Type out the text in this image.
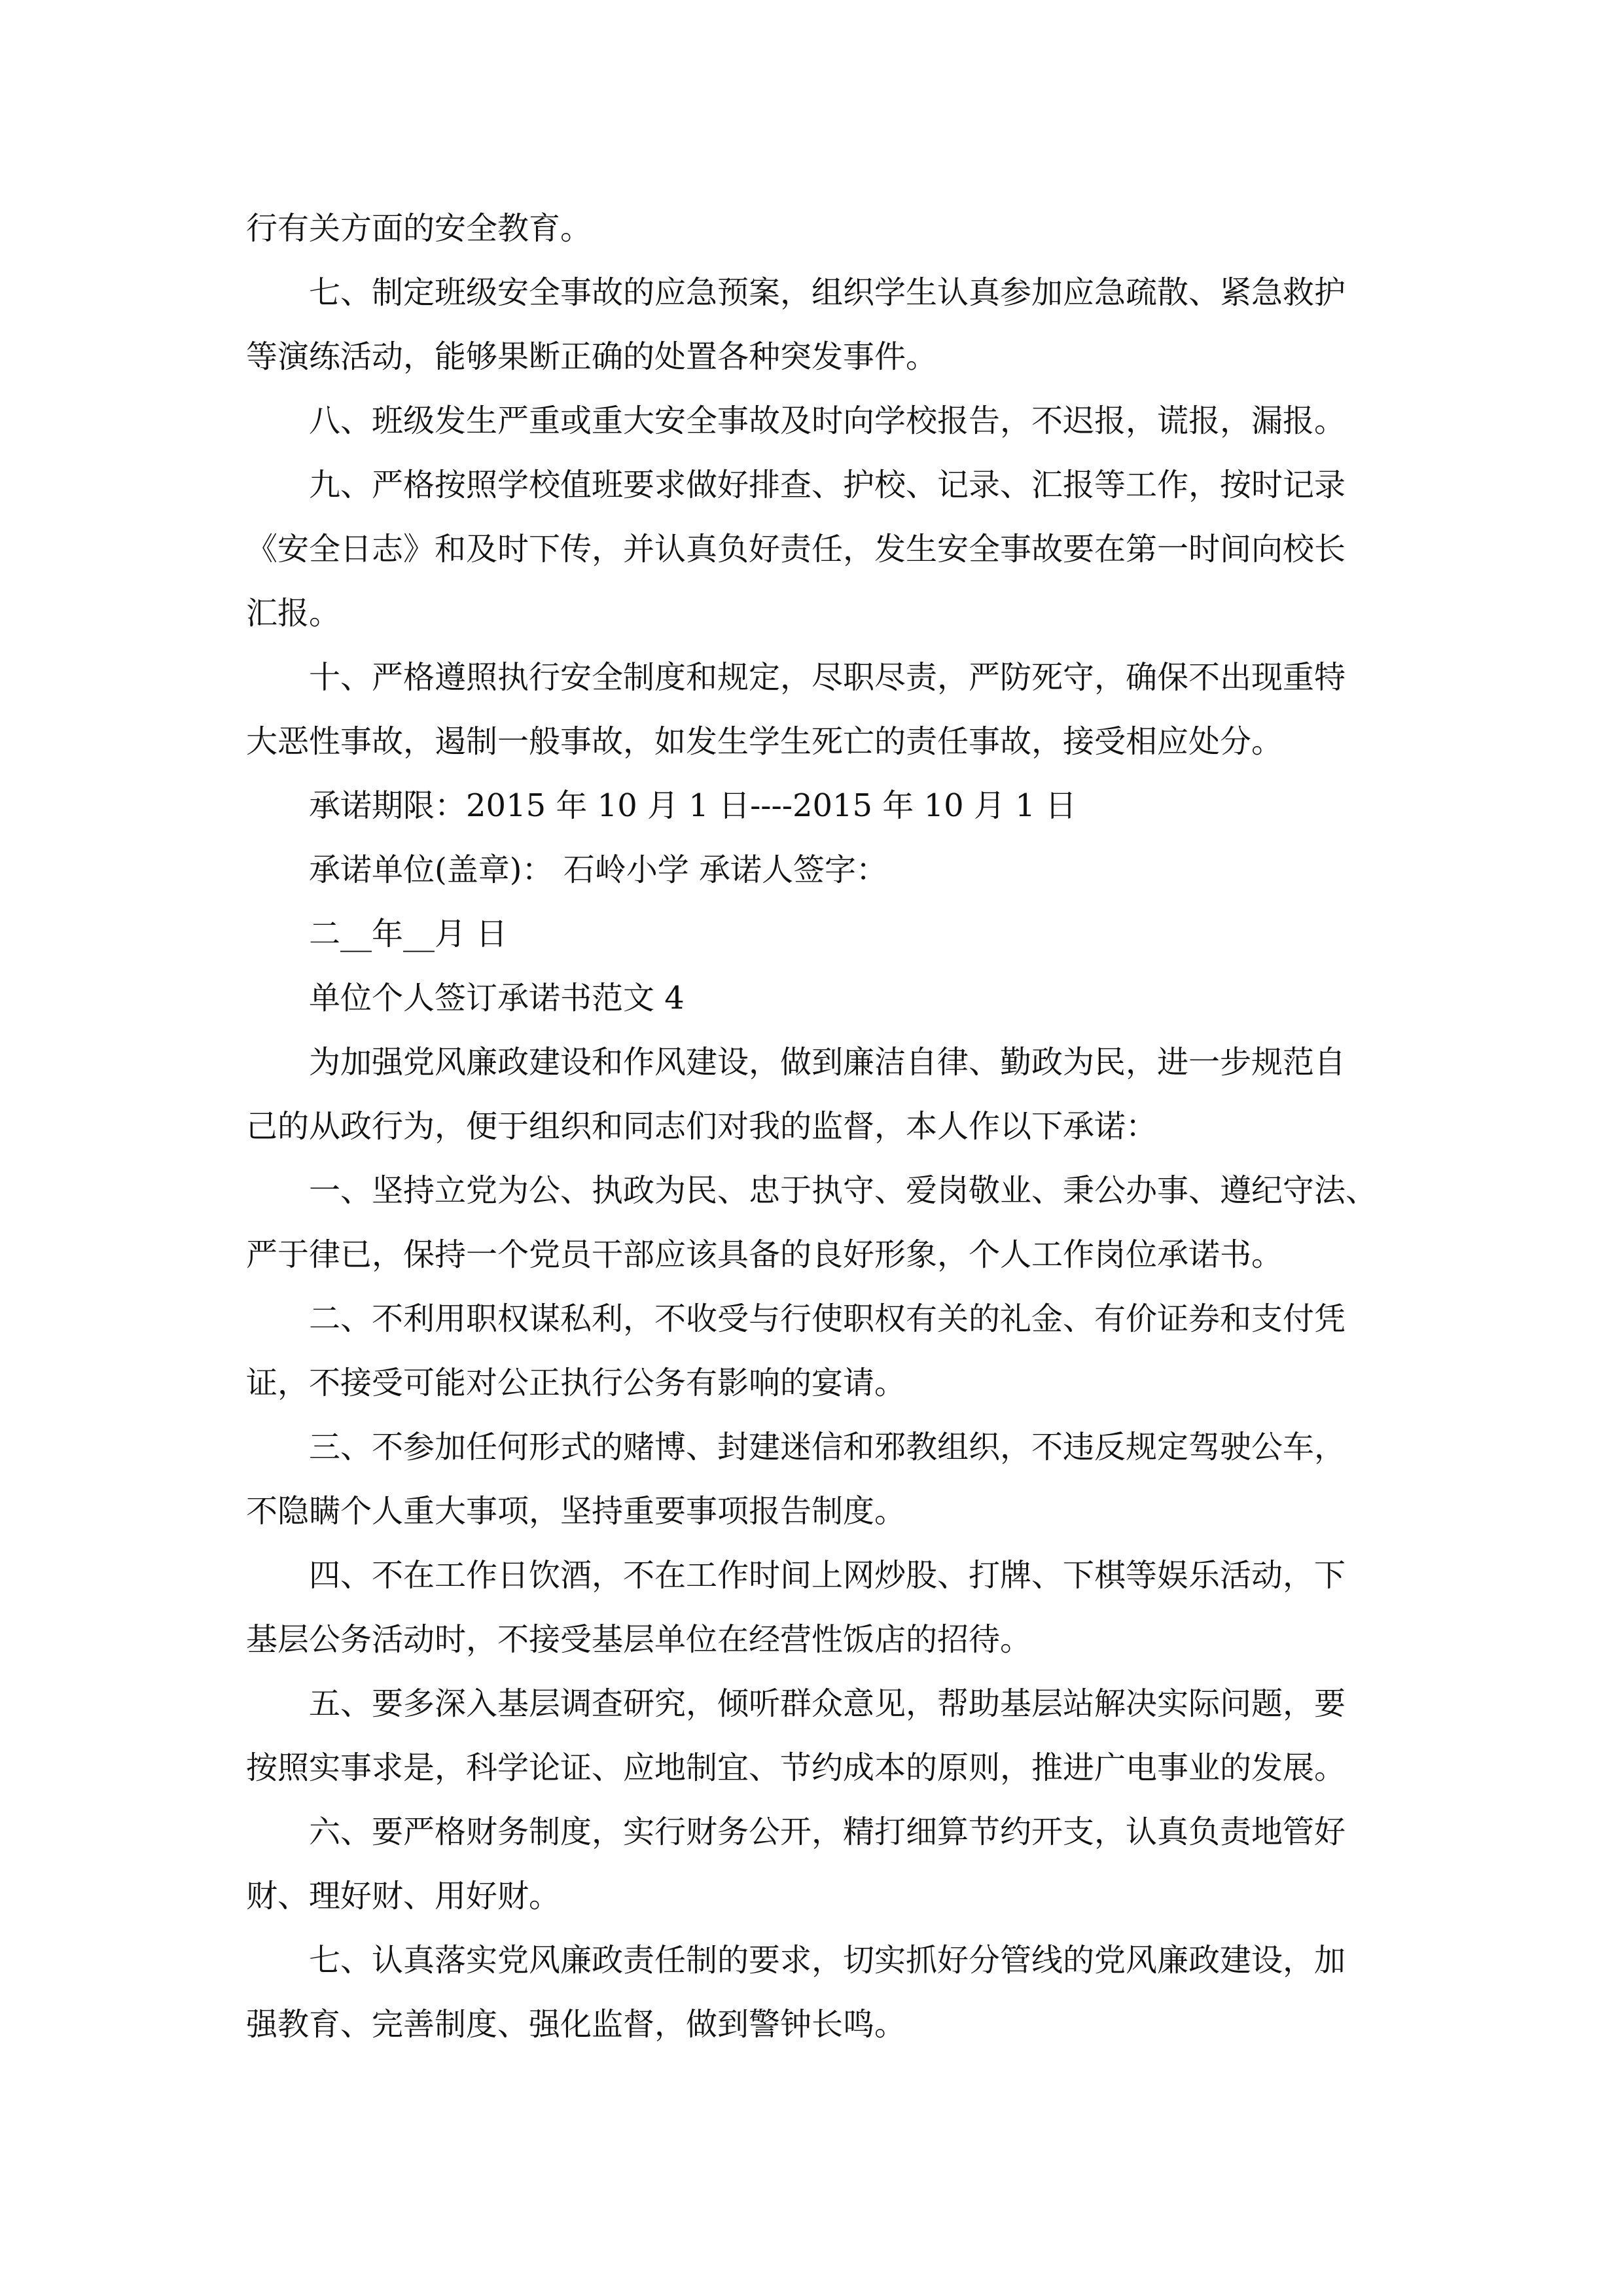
行有关方面的安全教育。
七、制定班级安全事故的应急预案，组织学生认真参加应急疏散、紧急救护
等演练活动，能够果断正确的处置各种突发事件。
八、班级发生严重或重大安全事故及时向学校报告，不迟报，谎报，漏报。
九、严格按照学校值班要求做好排查、护校、记录、汇报等工作，按时记录
《安全日志》和及时下传，并认真负好责任，发生安全事故要在第一时间向校长
汇报。
十、严格遵照执行安全制度和规定，尽职尽责，严防死守，确保不出现重特
大恶性事故，遏制一般事故，如发生学生死亡的责任事故，接受相应处分。
承诺期限：2015 年 10 月 1 日----2015 年 10 月 1 日
承诺单位(盖章)： 石岭小学 承诺人签字：
二__年__月 日
单位个人签订承诺书范文 4
为加强党风廉政建设和作风建设，做到廉洁自律、勤政为民，进一步规范自
己的从政行为，便于组织和同志们对我的监督，本人作以下承诺：
一、坚持立党为公、执政为民、忠于执守、爱岗敬业、秉公办事、遵纪守法、
严于律已，保持一个党员干部应该具备的良好形象，个人工作岗位承诺书。
二、不利用职权谋私利，不收受与行使职权有关的礼金、有价证券和支付凭
证，不接受可能对公正执行公务有影响的宴请。
三、不参加任何形式的赌博、封建迷信和邪教组织，不违反规定驾驶公车，
不隐瞒个人重大事项，坚持重要事项报告制度。
四、不在工作日饮酒，不在工作时间上网炒股、打牌、下棋等娱乐活动，下
基层公务活动时，不接受基层单位在经营性饭店的招待。
五、要多深入基层调查研究，倾听群众意见，帮助基层站解决实际问题，要
按照实事求是，科学论证、应地制宜、节约成本的原则，推进广电事业的发展。
六、要严格财务制度，实行财务公开，精打细算节约开支，认真负责地管好
财、理好财、用好财。
七、认真落实党风廉政责任制的要求，切实抓好分管线的党风廉政建设，加
强教育、完善制度、强化监督，做到警钟长鸣。
